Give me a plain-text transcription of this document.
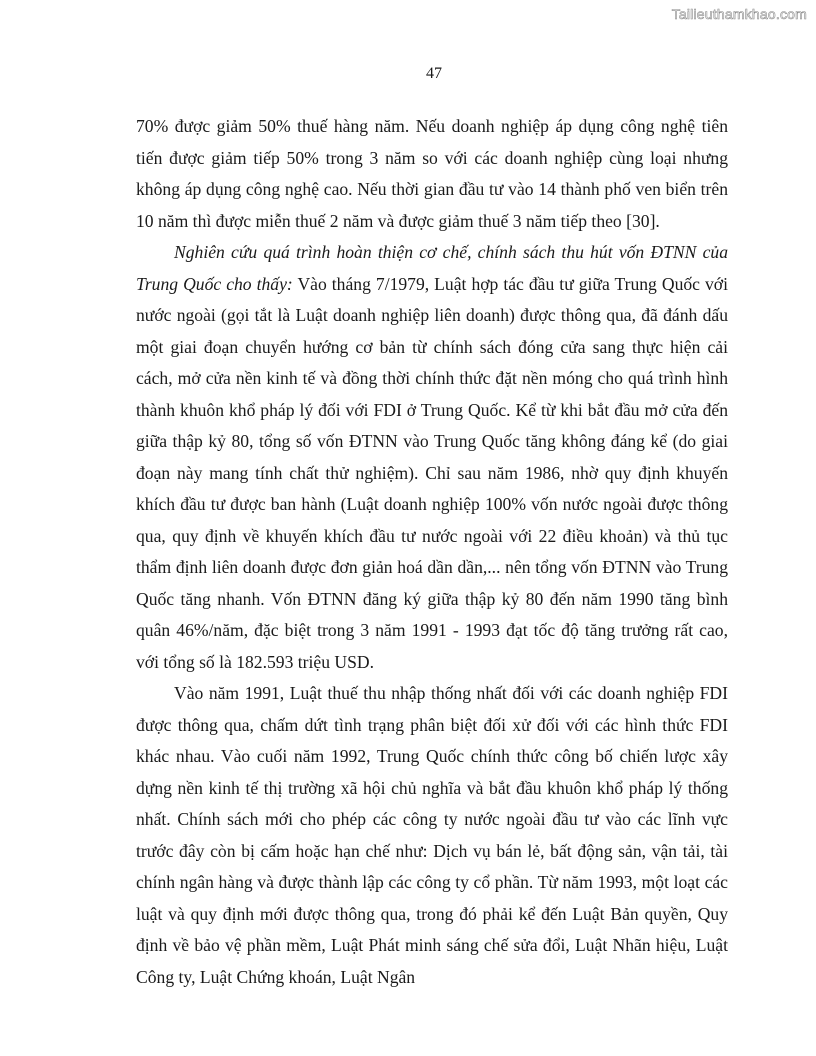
Tailieuthamkhao.com
47

70% được giảm 50% thuế hàng năm. Nếu doanh nghiệp áp dụng công nghệ tiên tiến được giảm tiếp 50% trong 3 năm so với các doanh nghiệp cùng loại nhưng không áp dụng công nghệ cao. Nếu thời gian đầu tư vào 14 thành phố ven biển trên 10 năm thì được miễn thuế 2 năm và được giảm thuế 3 năm tiếp theo [30].

Nghiên cứu quá trình hoàn thiện cơ chế, chính sách thu hút vốn ĐTNN của Trung Quốc cho thấy: Vào tháng 7/1979, Luật hợp tác đầu tư giữa Trung Quốc với nước ngoài (gọi tắt là Luật doanh nghiệp liên doanh) được thông qua, đã đánh dấu một giai đoạn chuyển hướng cơ bản từ chính sách đóng cửa sang thực hiện cải cách, mở cửa nền kinh tế và đồng thời chính thức đặt nền móng cho quá trình hình thành khuôn khổ pháp lý đối với FDI ở Trung Quốc. Kể từ khi bắt đầu mở cửa đến giữa thập kỷ 80, tổng số vốn ĐTNN vào Trung Quốc tăng không đáng kể (do giai đoạn này mang tính chất thử nghiệm). Chỉ sau năm 1986, nhờ quy định khuyến khích đầu tư được ban hành (Luật doanh nghiệp 100% vốn nước ngoài được thông qua, quy định về khuyến khích đầu tư nước ngoài với 22 điều khoản) và thủ tục thẩm định liên doanh được đơn giản hoá dần dần,... nên tổng vốn ĐTNN vào Trung Quốc tăng nhanh. Vốn ĐTNN đăng ký giữa thập kỷ 80 đến năm 1990 tăng bình quân 46%/năm, đặc biệt trong 3 năm 1991 - 1993 đạt tốc độ tăng trưởng rất cao, với tổng số là 182.593 triệu USD.

Vào năm 1991, Luật thuế thu nhập thống nhất đối với các doanh nghiệp FDI được thông qua, chấm dứt tình trạng phân biệt đối xử đối với các hình thức FDI khác nhau. Vào cuối năm 1992, Trung Quốc chính thức công bố chiến lược xây dựng nền kinh tế thị trường xã hội chủ nghĩa và bắt đầu khuôn khổ pháp lý thống nhất. Chính sách mới cho phép các công ty nước ngoài đầu tư vào các lĩnh vực trước đây còn bị cấm hoặc hạn chế như: Dịch vụ bán lẻ, bất động sản, vận tải, tài chính ngân hàng và được thành lập các công ty cổ phần. Từ năm 1993, một loạt các luật và quy định mới được thông qua, trong đó phải kể đến Luật Bản quyền, Quy định về bảo vệ phần mềm, Luật Phát minh sáng chế sửa đổi, Luật Nhãn hiệu, Luật Công ty, Luật Chứng khoán, Luật Ngân
